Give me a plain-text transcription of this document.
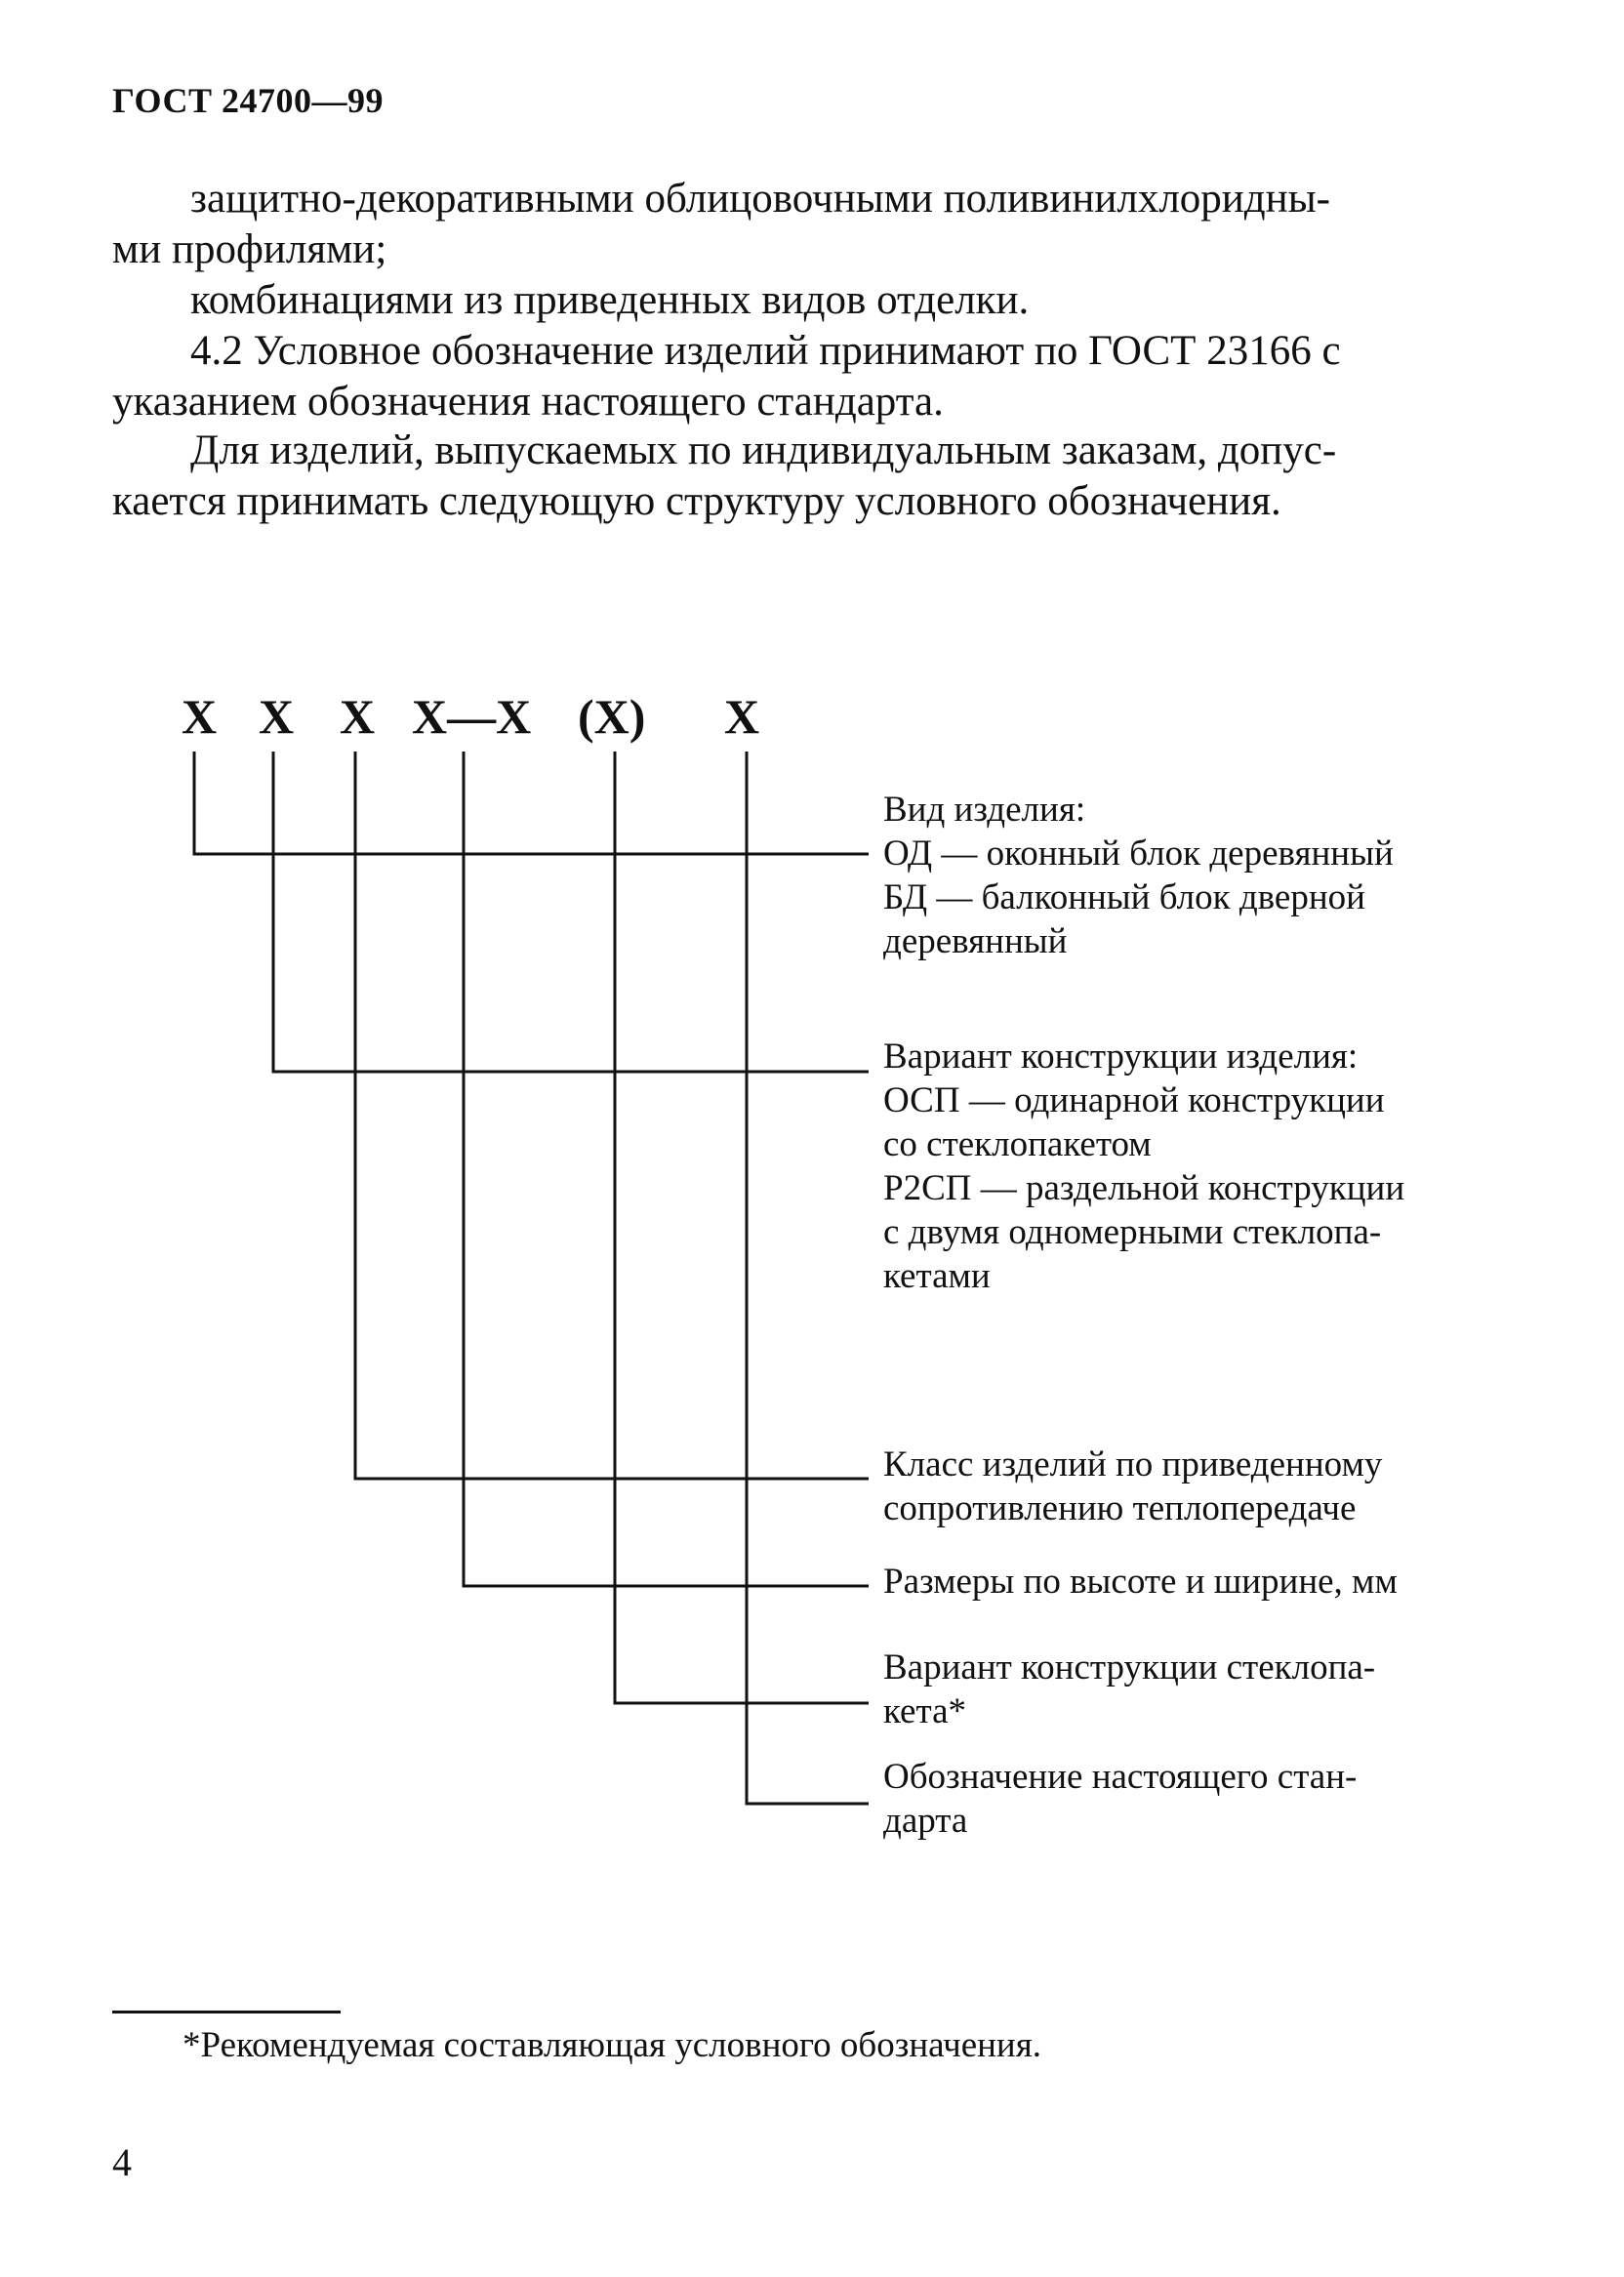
ГОСТ 24700—99

защитно-декоративными облицовочными поливинилхлоридны-

ми профилями;

комбинациями из приведенных видов отделки.

4.2 Условное обозначение изделий принимают по ГОСТ 23166 с

указанием обозначения настоящего стандарта.

Для изделий, выпускаемых по индивидуальным заказам, допус-

кается принимать следующую структуру условного обозначения.

X X X X—X (X) X
Вид изделия:
ОД — оконный блок деревянный
БД — балконный блок дверной
деревянный
Вариант конструкции изделия:
ОСП — одинарной конструкции
со стеклопакетом
Р2СП — раздельной конструкции
с двумя одномерными стеклопа-
кетами
Класс изделий по приведенному
сопротивлению теплопередаче
Размеры по высоте и ширине, мм
Вариант конструкции стеклопа-
кета*
Обозначение настоящего стан-
дарта
*Рекомендуемая составляющая условного обозначения.
4
